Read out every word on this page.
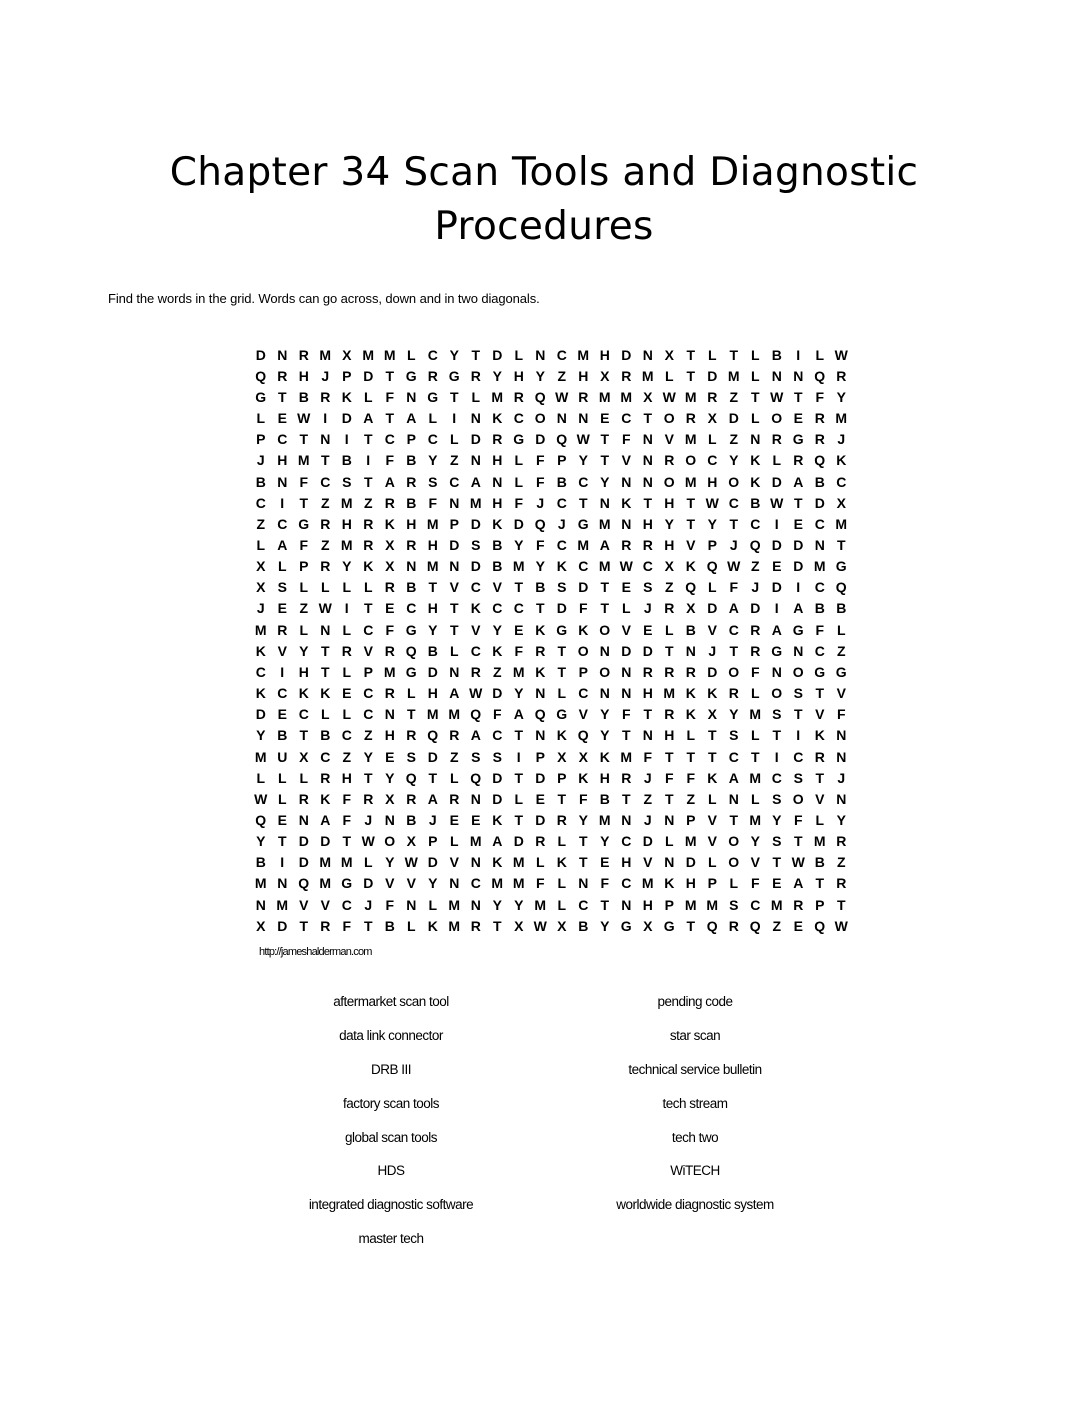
Chapter 34 Scan Tools and Diagnostic
Procedures
Find the words in the grid. Words can go across, down and in two diagonals.
D N R M X M M L C Y T D L N C M H D N X T L T L B	I	L W
Q R H J P D T G R G R Y H Y Z H X R M L T D M L N N Q R
G T B R K L F N G T L M R Q W R M M X W M R Z T W T F Y
L E W I	D A T A L	I	N K C O N N E C T O R X D L O E R M
P C T N	I	T C P C L D R G D Q W T F N V M L Z N R G R J
J H M T B	I	F B Y Z N H L F P Y T V N R O C Y K L R Q K
B N F C S T A R S C A N L F B C Y N N O M H O K D A B C
C	I	T Z M Z R B F N M H F J C T N K T H T W C B W T D X
Z C G R H R K H M P D K D Q J G M N H Y T Y T C	I	E C M
L A F Z M R X R H D S B Y F C M A R R H V P J Q D D N T
X L P R Y K X N M N D B M Y K C M W C X K Q W Z E D M G
X S L L L L R B T V C V T B S D T E S Z Q L F J D	I	C Q
J E Z W I	T E C H T K C C T D F T L J R X D A D	I	A B B
M R L N L C F G Y T V Y E K G K O V E L B V C R A G F L
K V Y T R V R Q B L C K F R T O N D D T N J T R G N C Z
C	I	H T L P M G D N R Z M K T P O N R R R D O F N O G G
K C K K E C R L H A W D Y N L C N N H M K K R L O S T V
D E C L L C N T M M Q F A Q G V Y F T R K X Y M S T V F
Y B T B C Z H R Q R A C T N K Q Y T N H L T S L T	I	K N
M U X C Z Y E S D Z S S	I	P X X K M F T T T C T	I	C R N
L L L R H T Y Q T L Q D T D P K H R J F F K A M C S T J
W L R K F R X R A R N D L E T F B T Z T Z L N L S O V N
Q E N A F J N B J E E K T D R Y M N J N P V T M Y F L Y
Y T D D T W O X P L M A D R L T Y C D L M V O Y S T M R
B	I	D M M L Y W D V N K M L K T E H V N D L O V T W B Z
M N Q M G D V V Y N C M M F L N F C M K H P L F E A T R
N M V V C J F N L M N Y Y M L C T N H P M M S C M R P T
X D T R F T B L K M R T X W X B Y G X G T Q R Q Z E Q W
http://jameshalderman.com
aftermarket scan tool
data link connector
DRB III
factory scan tools
global scan tools
HDS
integrated diagnostic software
master tech
pending code
star scan
technical service bulletin
tech stream
tech two
WiTECH
worldwide diagnostic system
